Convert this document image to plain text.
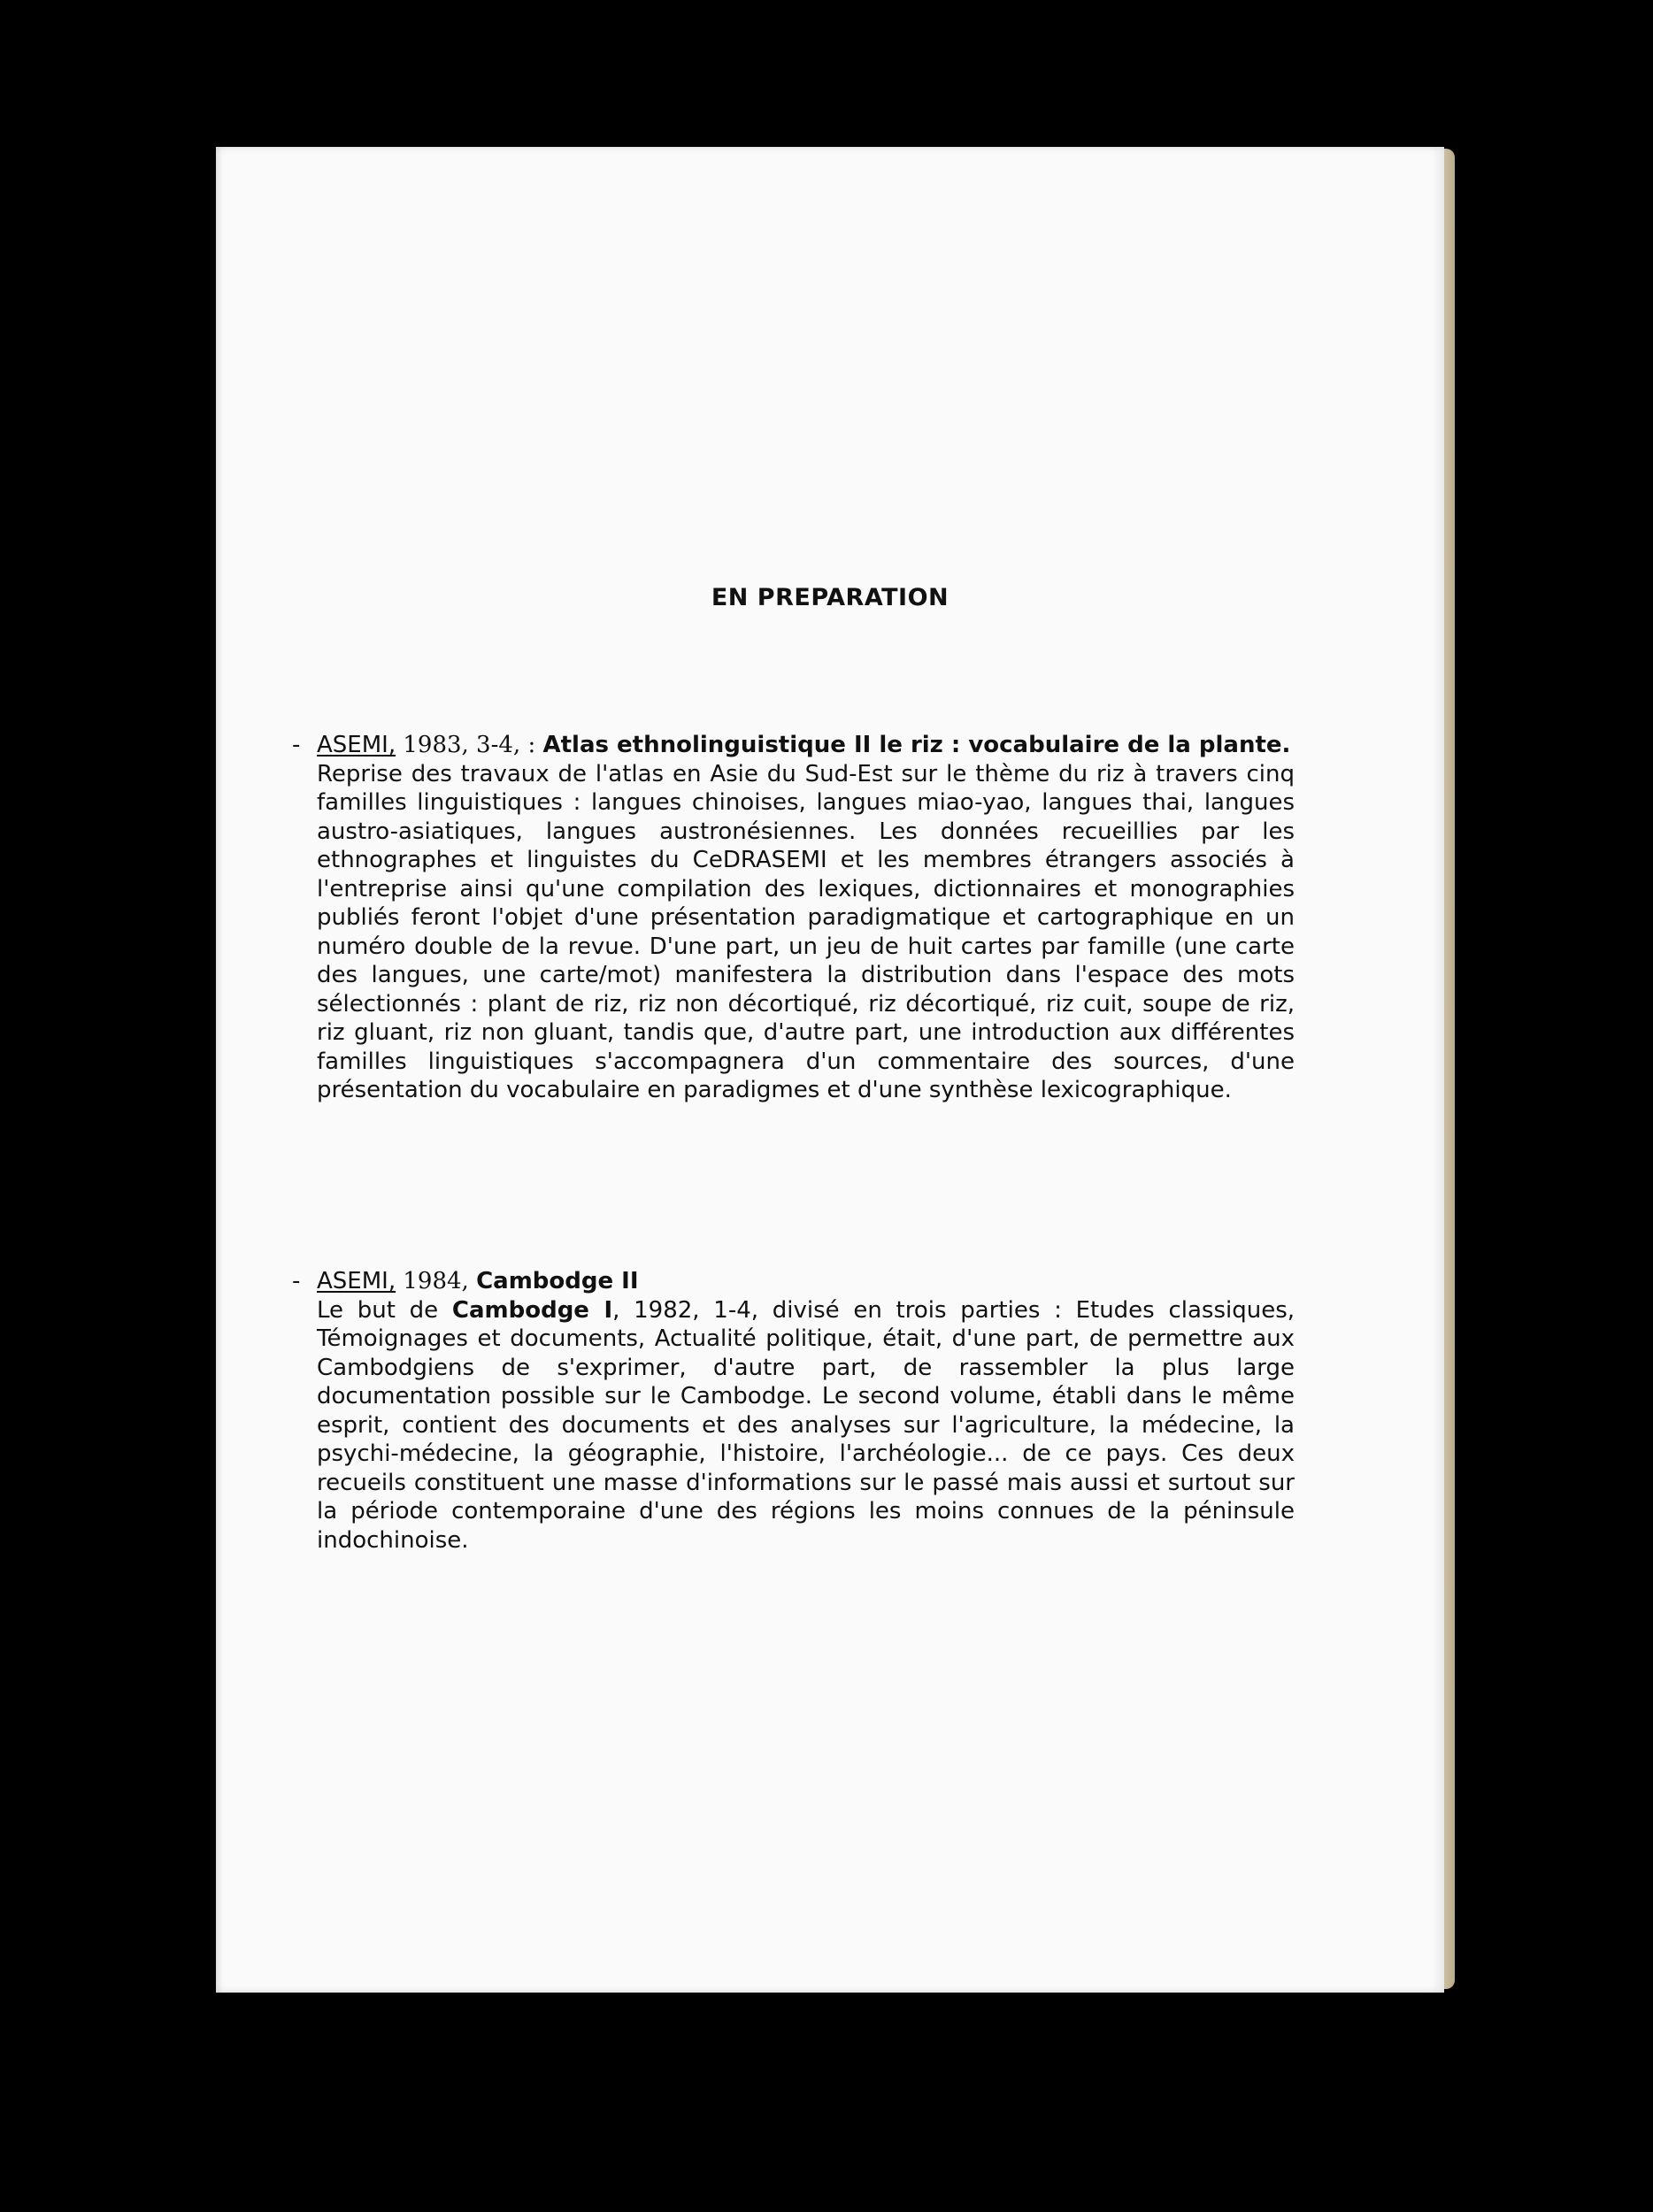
EN PREPARATION
- ASEMI, 1983, 3-4, : Atlas ethnolinguistique II le riz : vocabulaire de la plante.
Reprise des travaux de l'atlas en Asie du Sud-Est sur le thème du riz à travers cinq familles linguistiques : langues chinoises, langues miao-yao, langues thai, langues austro-asiatiques, langues austronésiennes. Les données recueillies par les ethnographes et linguistes du CeDRASEMI et les membres étrangers associés à l'entreprise ainsi qu'une compilation des lexiques, dictionnaires et monographies publiés feront l'objet d'une présentation paradigmatique et cartographique en un numéro double de la revue. D'une part, un jeu de huit cartes par famille (une carte des langues, une carte/mot) manifestera la distribution dans l'espace des mots sélectionnés : plant de riz, riz non décortiqué, riz décortiqué, riz cuit, soupe de riz, riz gluant, riz non gluant, tandis que, d'autre part, une introduction aux différentes familles linguistiques s'accompagnera d'un commentaire des sources, d'une présentation du vocabulaire en paradigmes et d'une synthèse lexicographique.
- ASEMI, 1984, Cambodge II
Le but de Cambodge I, 1982, 1-4, divisé en trois parties : Etudes classiques, Témoignages et documents, Actualité politique, était, d'une part, de permettre aux Cambodgiens de s'exprimer, d'autre part, de rassembler la plus large documentation possible sur le Cambodge. Le second volume, établi dans le même esprit, contient des documents et des analyses sur l'agriculture, la médecine, la psychi-médecine, la géographie, l'histoire, l'archéologie... de ce pays. Ces deux recueils constituent une masse d'informations sur le passé mais aussi et surtout sur la période contemporaine d'une des régions les moins connues de la péninsule indochinoise.
